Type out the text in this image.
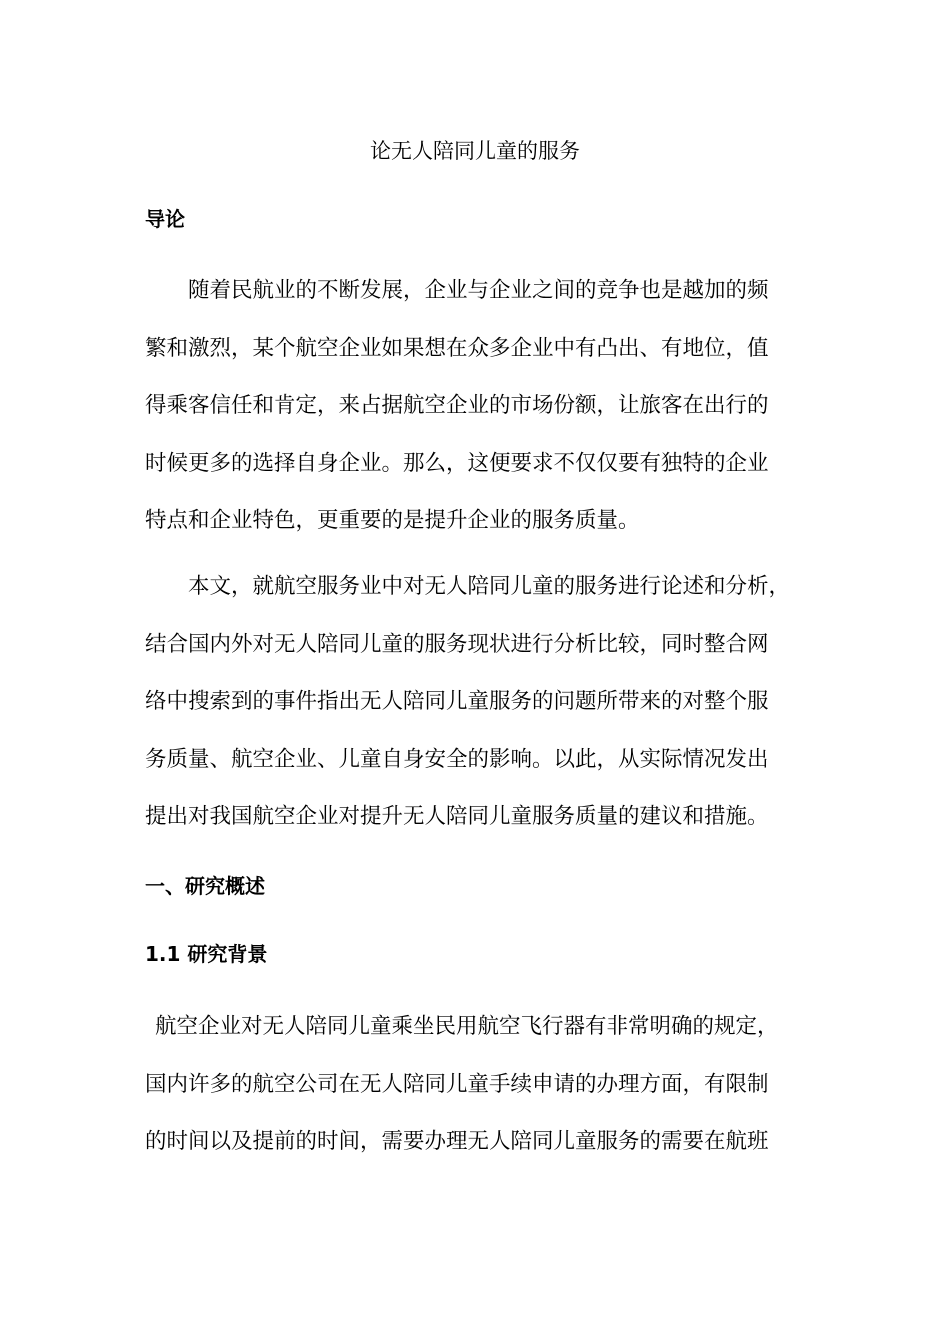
论无人陪同儿童的服务
导论
随着民航业的不断发展，企业与企业之间的竞争也是越加的频
繁和激烈，某个航空企业如果想在众多企业中有凸出、有地位，值
得乘客信任和肯定，来占据航空企业的市场份额，让旅客在出行的
时候更多的选择自身企业。那么，这便要求不仅仅要有独特的企业
特点和企业特色，更重要的是提升企业的服务质量。
本文，就航空服务业中对无人陪同儿童的服务进行论述和分析，
结合国内外对无人陪同儿童的服务现状进行分析比较，同时整合网
络中搜索到的事件指出无人陪同儿童服务的问题所带来的对整个服
务质量、航空企业、儿童自身安全的影响。以此，从实际情况发出
提出对我国航空企业对提升无人陪同儿童服务质量的建议和措施。
一、研究概述
1.1 研究背景
航空企业对无人陪同儿童乘坐民用航空飞行器有非常明确的规定，
国内许多的航空公司在无人陪同儿童手续申请的办理方面，有限制
的时间以及提前的时间，需要办理无人陪同儿童服务的需要在航班
